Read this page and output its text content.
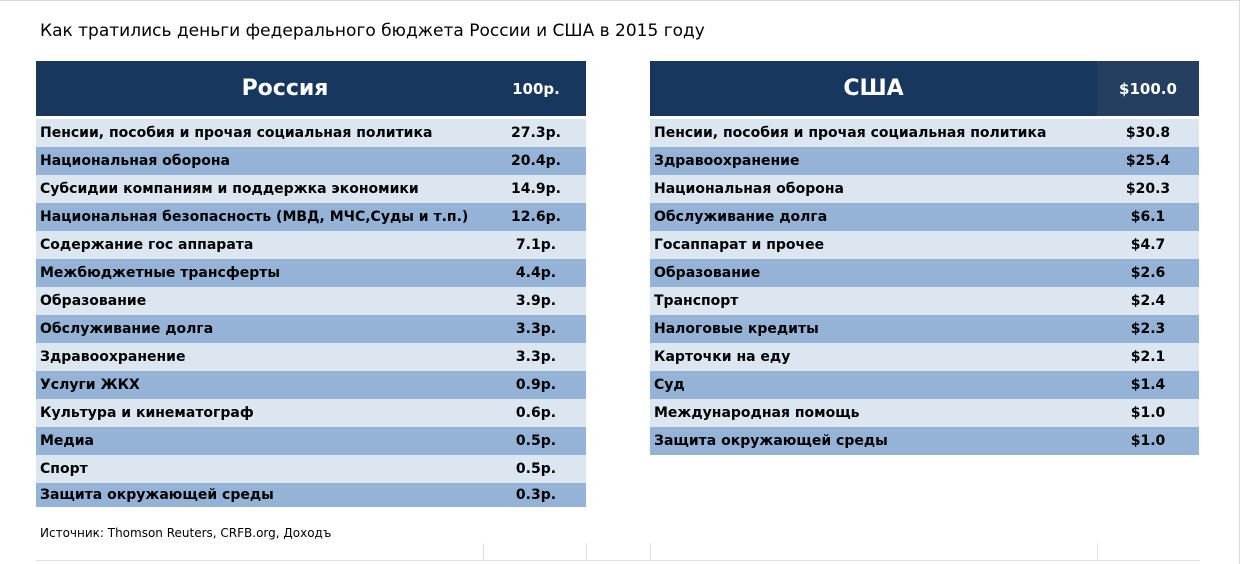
Как тратились деньги федерального бюджета России и США в 2015 году
Россия	100р.
Пенсии, пособия и прочая социальная политика	27.3р.
Национальная оборона	20.4р.
Субсидии компаниям и поддержка экономики	14.9р.
Национальная безопасность (МВД, МЧС,Суды и т.п.)	12.6р.
Содержание гос аппарата	7.1р.
Межбюджетные трансферты	4.4р.
Образование	3.9р.
Обслуживание долга	3.3р.
Здравоохранение	3.3р.
Услуги ЖКХ	0.9р.
Культура и кинематограф	0.6р.
Медиа	0.5р.
Спорт	0.5р.
Защита окружающей среды	0.3р.
США	$100.0
Пенсии, пособия и прочая социальная политика	$30.8
Здравоохранение	$25.4
Национальная оборона	$20.3
Обслуживание долга	$6.1
Госаппарат и прочее	$4.7
Образование	$2.6
Транспорт	$2.4
Налоговые кредиты	$2.3
Карточки на еду	$2.1
Суд	$1.4
Международная помощь	$1.0
Защита окружающей среды	$1.0
Источник: Thomson Reuters, CRFB.org, Доходъ
